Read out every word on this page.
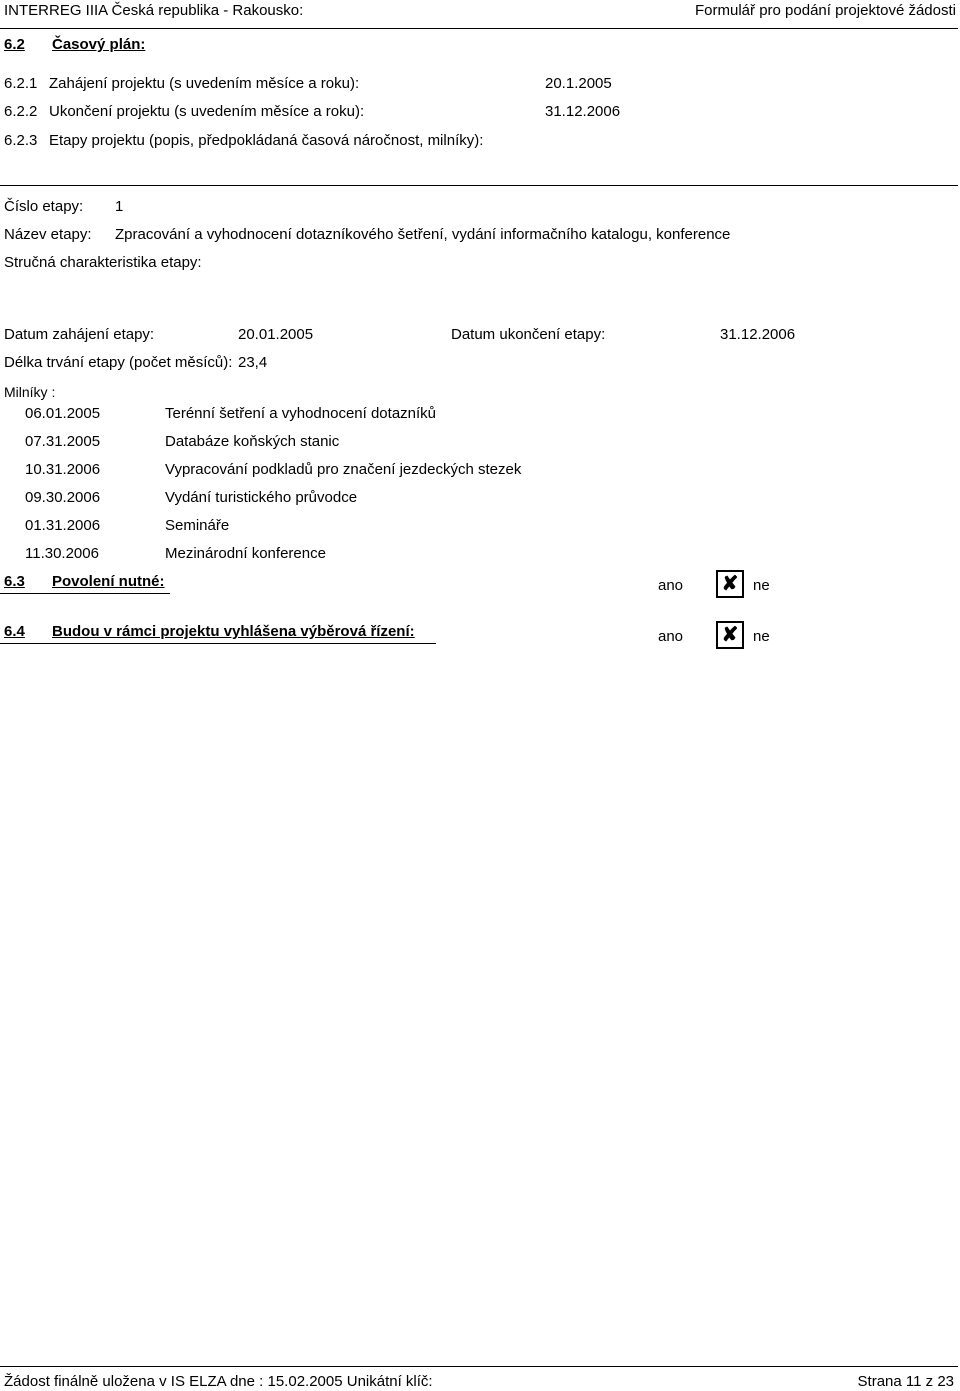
INTERREG IIIA Česká republika - Rakousko:	Formulář pro podání projektové žádosti
6.2 Časový plán:
6.2.1 Zahájení projektu (s uvedením měsíce a roku):	20.1.2005
6.2.2 Ukončení projektu (s uvedením měsíce a roku):	31.12.2006
6.2.3 Etapy projektu (popis, předpokládaná časová náročnost, milníky):
Číslo etapy: 1
Název etapy: Zpracování a vyhodnocení dotazníkového šetření, vydání informačního katalogu, konference
Stručná charakteristika etapy:
Datum zahájení etapy:	20.01.2005	Datum ukončení etapy:	31.12.2006
Délka trvání etapy (počet měsíců): 23,4
Milníky :
06.01.2005	Terénní šetření a vyhodnocení dotazníků
07.31.2005	Databáze koňských stanic
10.31.2006	Vypracování podkladů pro značení jezdeckých stezek
09.30.2006	Vydání turistického průvodce
01.31.2006	Semináře
11.30.2006	Mezinárodní konference
6.3 Povolení nutné:	ano ✘ ne
6.4 Budou v rámci projektu vyhlášena výběrová řízení:	ano ✘ ne
Žádost finálně uložena v IS ELZA dne : 15.02.2005 Unikátní klíč:	Strana 11 z 23
